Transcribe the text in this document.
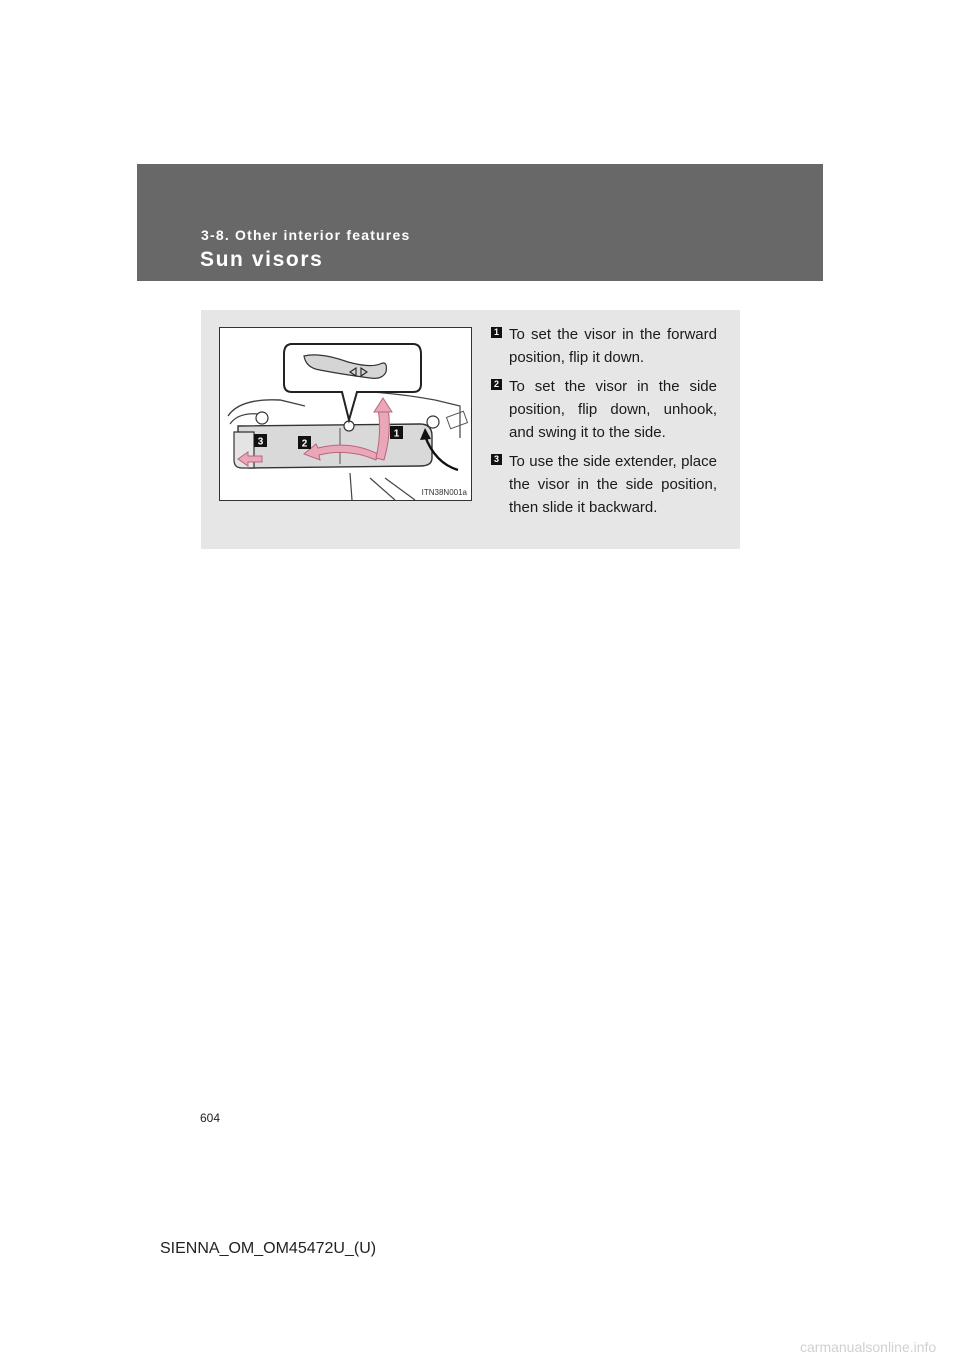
3-8. Other interior features
Sun visors
3	2
1
ITN38N001a
1 To set the visor in the forward position, flip it down.

2 To set the visor in the side position, flip down, unhook, and swing it to the side.

3 To use the side extender, place the visor in the side position, then slide it backward.

604
SIENNA_OM_OM45472U_(U)
carmanualsonline.info
